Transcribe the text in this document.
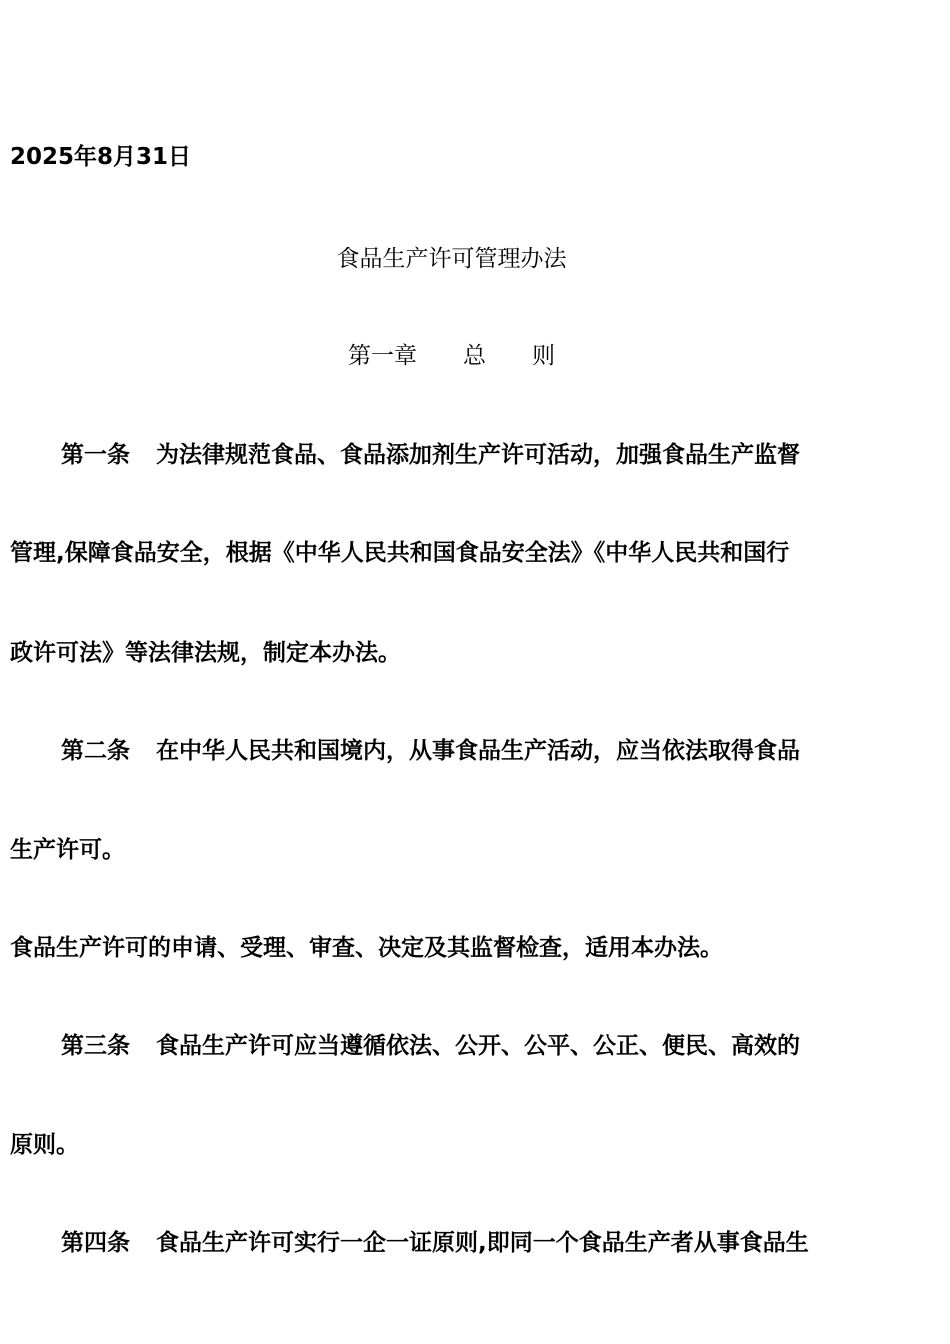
2025年8月31日
食品生产许可管理办法
第一章　　总　　则
第一条 为法律规范食品、食品添加剂生产许可活动，加强食品生产监督
管理,保障食品安全，根据《中华人民共和国食品安全法》《中华人民共和国行
政许可法》等法律法规，制定本办法。
第二条 在中华人民共和国境内，从事食品生产活动，应当依法取得食品
生产许可。
食品生产许可的申请、受理、审查、决定及其监督检查，适用本办法。
第三条 食品生产许可应当遵循依法、公开、公平、公正、便民、高效的
原则。
第四条 食品生产许可实行一企一证原则,即同一个食品生产者从事食品生
